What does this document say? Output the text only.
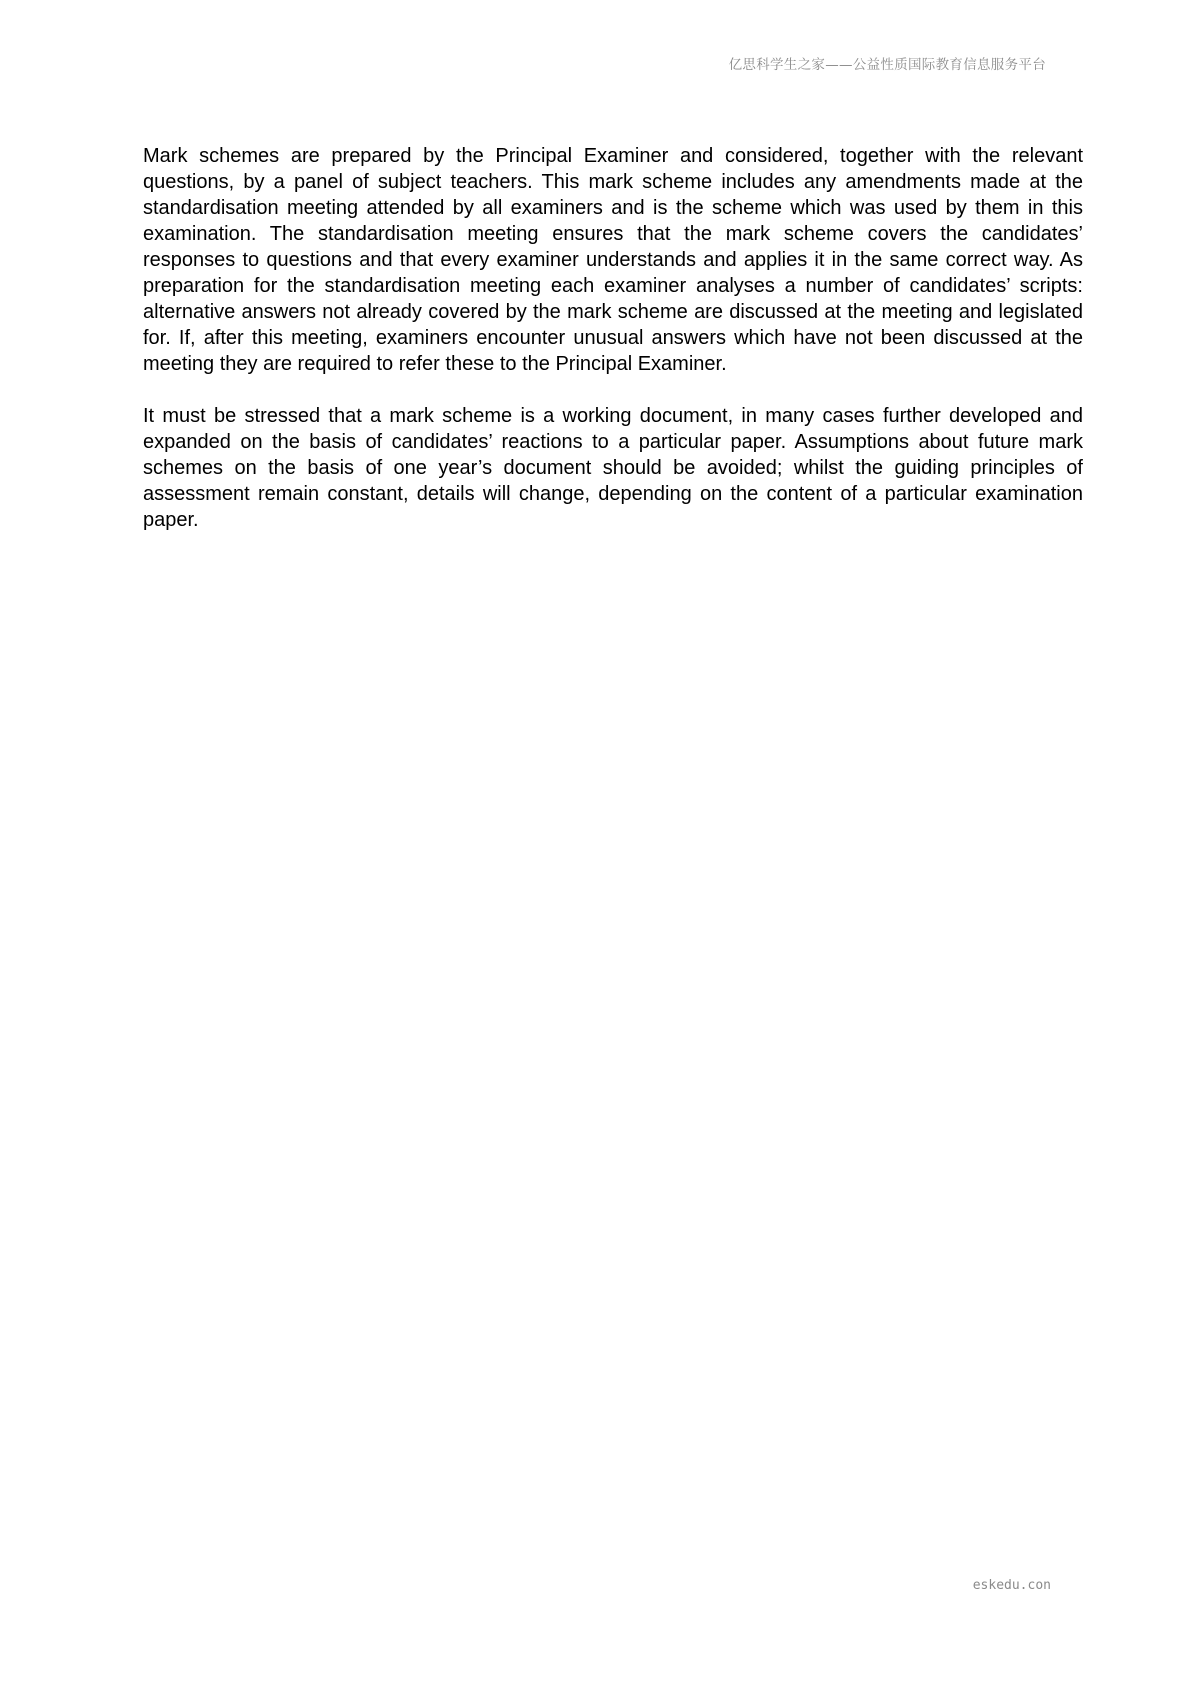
亿思科学生之家——公益性质国际教育信息服务平台

Mark schemes are prepared by the Principal Examiner and considered, together with the relevant questions, by a panel of subject teachers. This mark scheme includes any amendments made at the standardisation meeting attended by all examiners and is the scheme which was used by them in this examination. The standardisation meeting ensures that the mark scheme covers the candidates’ responses to questions and that every examiner understands and applies it in the same correct way. As preparation for the standardisation meeting each examiner analyses a number of candidates’ scripts: alternative answers not already covered by the mark scheme are discussed at the meeting and legislated for. If, after this meeting, examiners encounter unusual answers which have not been discussed at the meeting they are required to refer these to the Principal Examiner.

It must be stressed that a mark scheme is a working document, in many cases further developed and expanded on the basis of candidates’ reactions to a particular paper. Assumptions about future mark schemes on the basis of one year’s document should be avoided; whilst the guiding principles of assessment remain constant, details will change, depending on the content of a particular examination paper.

eskedu.con
